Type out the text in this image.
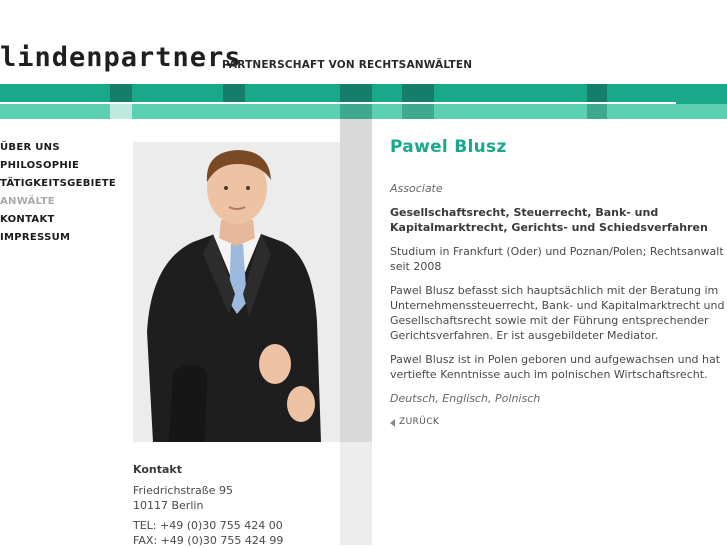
lindenpartners
PARTNERSCHAFT VON RECHTSANWÄLTEN
ÜBER UNS
PHILOSOPHIE
TÄTIGKEITSGEBIETE
ANWÄLTE
KONTAKT
IMPRESSUM
Kontakt
Friedrichstraße 95
10117 Berlin
TEL: +49 (0)30 755 424 00
FAX: +49 (0)30 755 424 99
Pawel Blusz

Associate

Gesellschaftsrecht, Steuerrecht, Bank- und Kapitalmarktrecht, Gerichts- und Schiedsverfahren

Studium in Frankfurt (Oder) und Poznan/Polen; Rechtsanwalt seit 2008

Pawel Blusz befasst sich hauptsächlich mit der Beratung im Unternehmenssteuerrecht, Bank- und Kapitalmarktrecht und Gesellschaftsrecht sowie mit der Führung entsprechender Gerichtsverfahren. Er ist ausgebildeter Mediator.

Pawel Blusz ist in Polen geboren und aufgewachsen und hat vertiefte Kenntnisse auch im polnischen Wirtschaftsrecht.

Deutsch, Englisch, Polnisch

ZURÜCK
